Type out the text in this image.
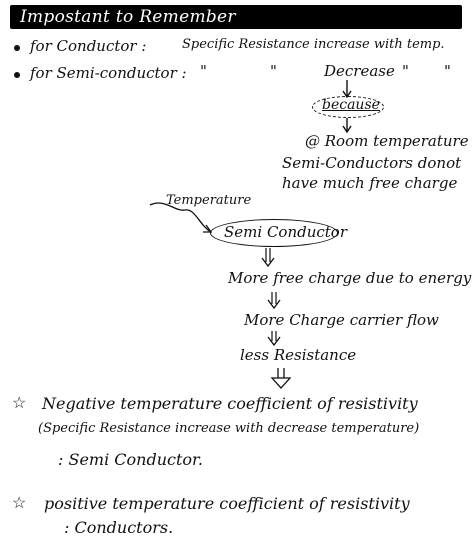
Impostant to Remember
for Conductor :	Specific Resistance increase with temp.
for Semi-conductor : "	"	Decrease " "
because
@ Room temperature
Semi-Conductors donot
have much free charge
Temperature
Semi Conductor
More free charge due to energy
More Charge carrier flow
less Resistance
☆ Negative temperature coefficient of resistivity
(Specific Resistance increase with decrease temperature)
: Semi Conductor.
☆ positive temperature coefficient of resistivity
: Conductors.
